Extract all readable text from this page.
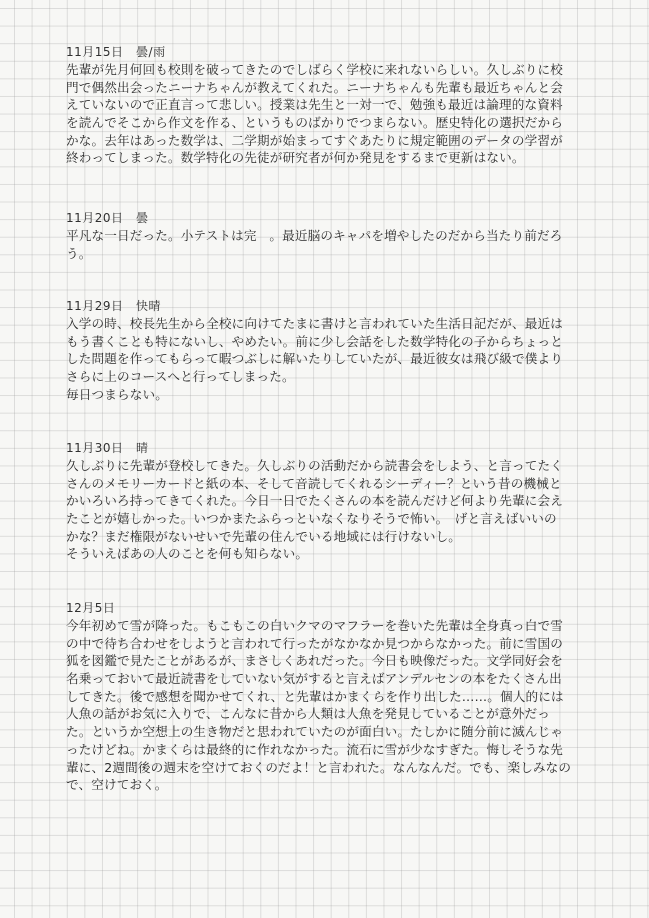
11月15日　曇/雨
先輩が先月何回も校則を破ってきたのでしばらく学校に来れないらしい。久しぶりに校
門で偶然出会ったニーナちゃんが教えてくれた。ニーナちゃんも先輩も最近ちゃんと会
えていないので正直言って悲しい。授業は先生と一対一で、勉強も最近は論理的な資料
を読んでそこから作文を作る、というものばかりでつまらない。歴史特化の選択だから
かな。去年はあった数学は、二学期が始まってすぐあたりに規定範囲のデータの学習が
終わってしまった。数学特化の先徒が研究者が何か発見をするまで更新はない。
11月20日　曇
平凡な一日だった。小テストは完　。最近脳のキャパを増やしたのだから当たり前だろ
う。
11月29日　快晴
入学の時、校長先生から全校に向けてたまに書けと言われていた生活日記だが、最近は
もう書くことも特にないし、やめたい。前に少し会話をした数学特化の子からちょっと
した問題を作ってもらって暇つぶしに解いたりしていたが、最近彼女は飛び級で僕より
さらに上のコースへと行ってしまった。
毎日つまらない。
11月30日　晴
久しぶりに先輩が登校してきた。久しぶりの活動だから読書会をしよう、と言ってたく
さんのメモリーカードと紙の本、そして音読してくれるシーディー？という昔の機械と
かいろいろ持ってきてくれた。今日一日でたくさんの本を読んだけど何より先輩に会え
たことが嬉しかった。いつかまたふらっといなくなりそうで怖い。　げと言えばいいの
かな？まだ権限がないせいで先輩の住んでいる地域には行けないし。
そういえばあの人のことを何も知らない。
12月5日
今年初めて雪が降った。もこもこの白いクマのマフラーを巻いた先輩は全身真っ白で雪
の中で待ち合わせをしようと言われて行ったがなかなか見つからなかった。前に雪国の
狐を図鑑で見たことがあるが、まさしくあれだった。今日も映像だった。文学同好会を
名乗っておいて最近読書をしていない気がすると言えばアンデルセンの本をたくさん出
してきた。後で感想を聞かせてくれ、と先輩はかまくらを作り出した……。個人的には
人魚の話がお気に入りで、こんなに昔から人類は人魚を発見していることが意外だっ
た。というか空想上の生き物だと思われていたのが面白い。たしかに随分前に滅んじゃ
ったけどね。かまくらは最終的に作れなかった。流石に雪が少なすぎた。悔しそうな先
輩に、2週間後の週末を空けておくのだよ！と言われた。なんなんだ。でも、楽しみなの
で、空けておく。
